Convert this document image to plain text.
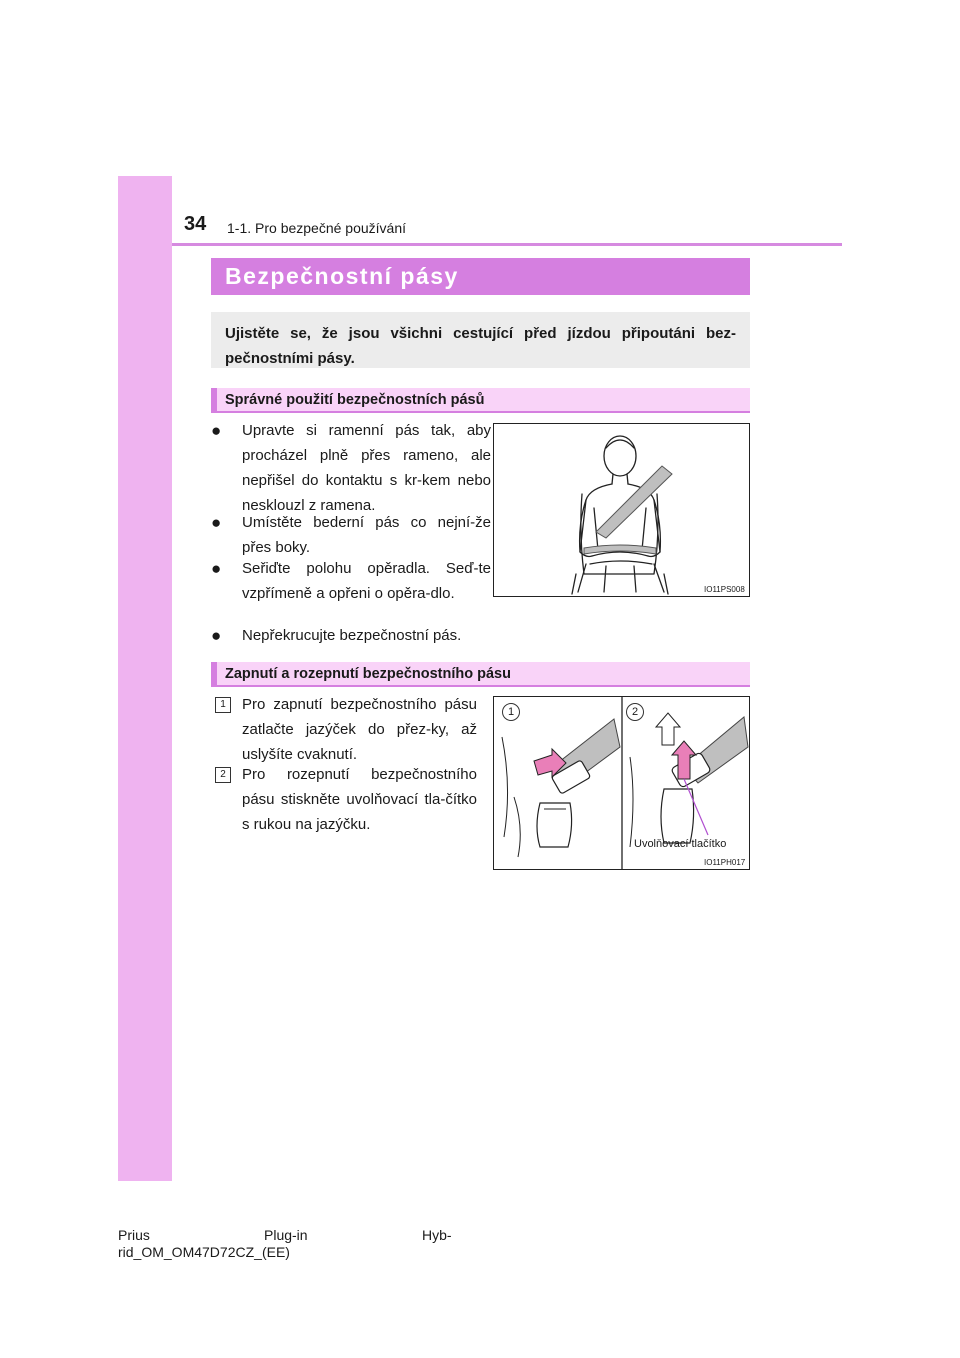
34 1-1. Pro bezpečné používání
Bezpečnostní pásy
Ujistěte se, že jsou všichni cestující před jízdou připoutáni bez-pečnostními pásy.
Správné použití bezpečnostních pásů
● Upravte si ramenní pás tak, aby procházel plně přes rameno, ale nepřišel do kontaktu s kr-kem nebo nesklouzl z ramena.
● Umístěte bederní pás co nejní-že přes boky.
● Seřiďte polohu opěradla. Seď-te vzpřímeně a opřeni o opěra-dlo.
● Nepřekrucujte bezpečnostní pás.
IO11PS008
Zapnutí a rozepnutí bezpečnostního pásu
1	Pro zapnutí bezpečnostního pásu zatlačte jazýček do přez-ky, až uslyšíte cvaknutí.
2	Pro rozepnutí bezpečnostního pásu stiskněte uvolňovací tla-čítko s rukou na jazýčku.
1	2
Uvolňovací tlačítko
IO11PH017
Prius	Plug-in	Hyb-
rid_OM_OM47D72CZ_(EE)
